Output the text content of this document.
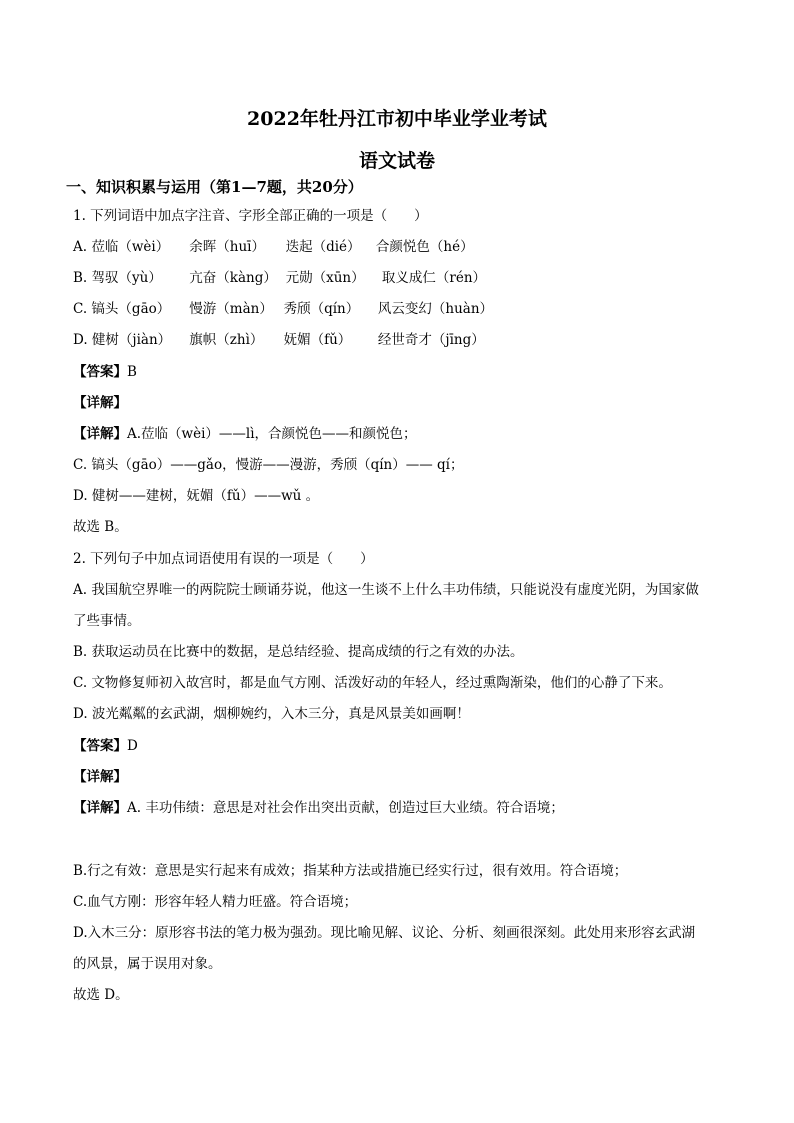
2022年牡丹江市初中毕业学业考试
语文试卷
一、知识积累与运用（第1—7题，共20分）
1. 下列词语中加点字注音、字形全部正确的一项是（　　）
A. 莅临（wèi） 余晖（huī） 迭起（dié） 合颜悦色（hé）
B. 驾驭（yù） 亢奋（kàng） 元勋（xūn） 取义成仁（rén）
C. 镐头（gāo） 慢游（màn） 秀颀（qín） 风云变幻（huàn）
D. 健树（jiàn） 旗帜（zhì） 妩媚（fǔ） 经世奇才（jīng）
【答案】B
【详解】
【详解】A.莅临（wèi）——lì，合颜悦色——和颜悦色；
C. 镐头（gāo）——gǎo，慢游——漫游，秀颀（qín）—— qí；
D. 健树——建树，妩媚（fǔ）——wǔ 。
故选 B。
2. 下列句子中加点词语使用有误的一项是（　　）
A. 我国航空界唯一的两院院士顾诵芬说，他这一生谈不上什么丰功伟绩，只能说没有虚度光阴，为国家做
了些事情。
B. 获取运动员在比赛中的数据，是总结经验、提高成绩的行之有效的办法。
C. 文物修复师初入故宫时，都是血气方刚、活泼好动的年轻人，经过熏陶渐染，他们的心静了下来。
D. 波光粼粼的玄武湖，烟柳婉约，入木三分，真是风景美如画啊！
【答案】D
【详解】
【详解】A. 丰功伟绩：意思是对社会作出突出贡献，创造过巨大业绩。符合语境；
B.行之有效：意思是实行起来有成效；指某种方法或措施已经实行过，很有效用。符合语境；
C.血气方刚：形容年轻人精力旺盛。符合语境；
D.入木三分：原形容书法的笔力极为强劲。现比喻见解、议论、分析、刻画很深刻。此处用来形容玄武湖
的风景，属于误用对象。
故选 D。
